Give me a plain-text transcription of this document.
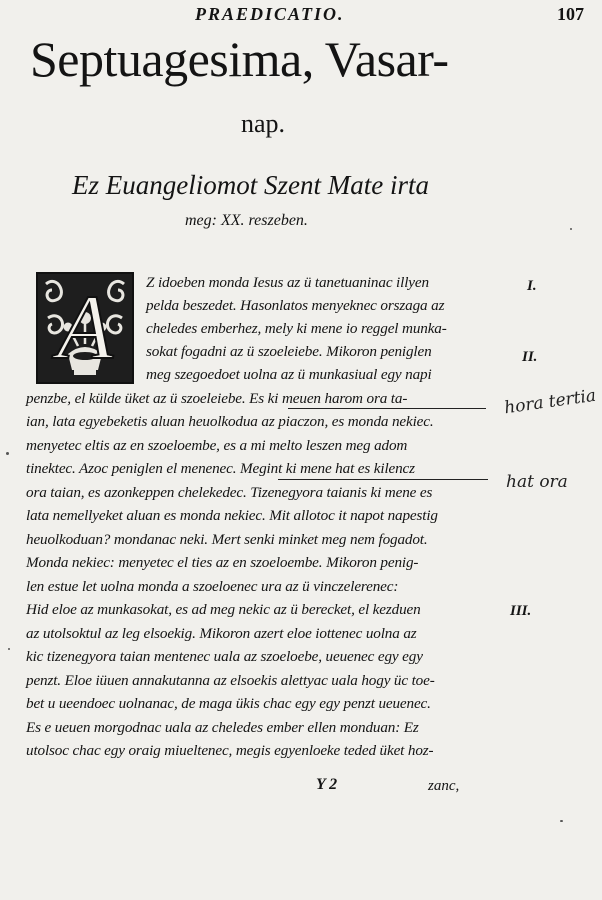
PRAEDICATIO.	107
Septuagesima, Vasar-
nap.
Ez Euangeliomot Szent Mate irta
meg: XX. reszeben.
A Z idoeben monda Iesus az ü tanetuaninac illyen
pelda beszedet. Hasonlatos menyeknec orszaga az
cheledes emberhez, mely ki mene io reggel munka-
sokat fogadni az ü szoeleiebe. Mikoron peniglen
meg szegoedoet uolna az ü munkasiual egy napi
penzbe, el külde üket az ü szoeleiebe. Es ki meuen harom ora ta-
ian, lata egyebeketis aluan heuolkodua az piaczon, es monda nekiec.
menyetec eltis az en szoeloembe, es a mi melto leszen meg adom
tinektec. Azoc peniglen el menenec. Megint ki mene hat es kilencz
ora taian, es azonkeppen chelekedec. Tizenegyora taianis ki mene es
lata nemellyeket aluan es monda nekiec. Mit allotoc it napot napestig
heuolkoduan? mondanac neki. Mert senki minket meg nem fogadot.
Monda nekiec: menyetec el ties az en szoeloembe. Mikoron penig-
len estue let uolna monda a szoeloenec ura az ü vinczelerenec:
Hid eloe az munkasokat, es ad meg nekic az ü berecket, el kezduen
az utolsoktul az leg elsoekig. Mikoron azert eloe iottenec uolna az
kic tizenegyora taian mentenec uala az szoeloebe, ueuenec egy egy
penzt. Eloe iüuen annakutanna az elsoekis alettyac uala hogy üc toe-
bet u ueendoec uolnanac, de maga ükis chac egy egy penzt ueuenec.
Es e ueuen morgodnac uala az cheledes ember ellen monduan: Ez
utolsoc chac egy oraig miueltenec, megis egyenloeke teded üket hoz-
I.
II.
III.
hora tertia
hat ora
Y 2	zanc,
